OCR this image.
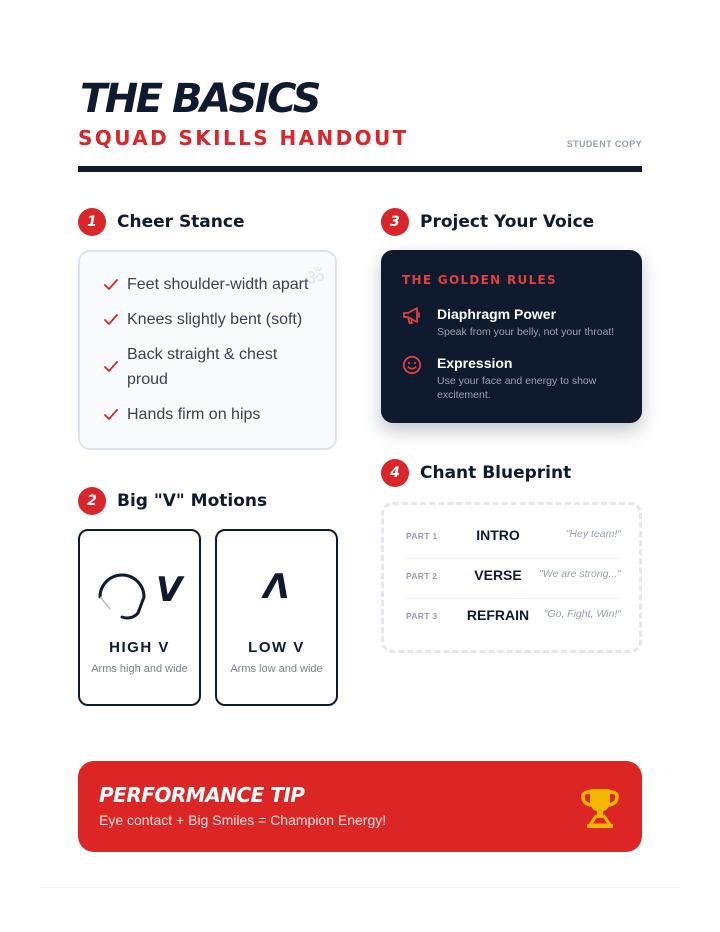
THE BASICS
SQUAD SKILLS HANDOUT	STUDENT COPY
1	Cheer Stance
ॐ
Feet shoulder-width apart
Knees slightly bent (soft)
Back straight & chest proud
Hands firm on hips
2	Big "V" Motions
V
HIGH V
Arms high and wide
Λ
LOW V
Arms low and wide
3	Project Your Voice
THE GOLDEN RULES
Diaphragm Power
Speak from your belly, not your throat!
Expression
Use your face and energy to show excitement.
4	Chant Blueprint
PART 1	INTRO	"Hey team!"
PART 2	VERSE	"We are strong..."
PART 3	REFRAIN	"Go, Fight, Win!"
PERFORMANCE TIP
Eye contact + Big Smiles = Champion Energy!
